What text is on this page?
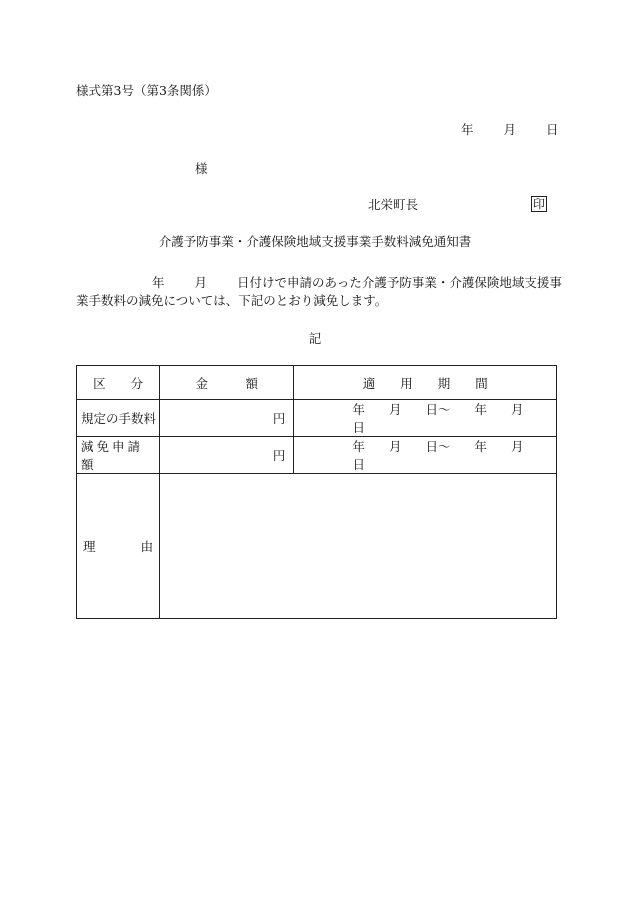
様式第3号（第3条関係）
年 月 日
様
北栄町長	印
介護予防事業・介護保険地域支援事業手数料減免通知書
年 月 日付けで申請のあった介護予防事業・介護保険地域支援事業手数料の減免については、下記のとおり減免します。
記
区　　分	金　　　額	適　　用　　期　　間
規定の手数料	円	年 月 日～ 年 月日

減免申請額	円	年 月 日～ 年 月日

理 由		
